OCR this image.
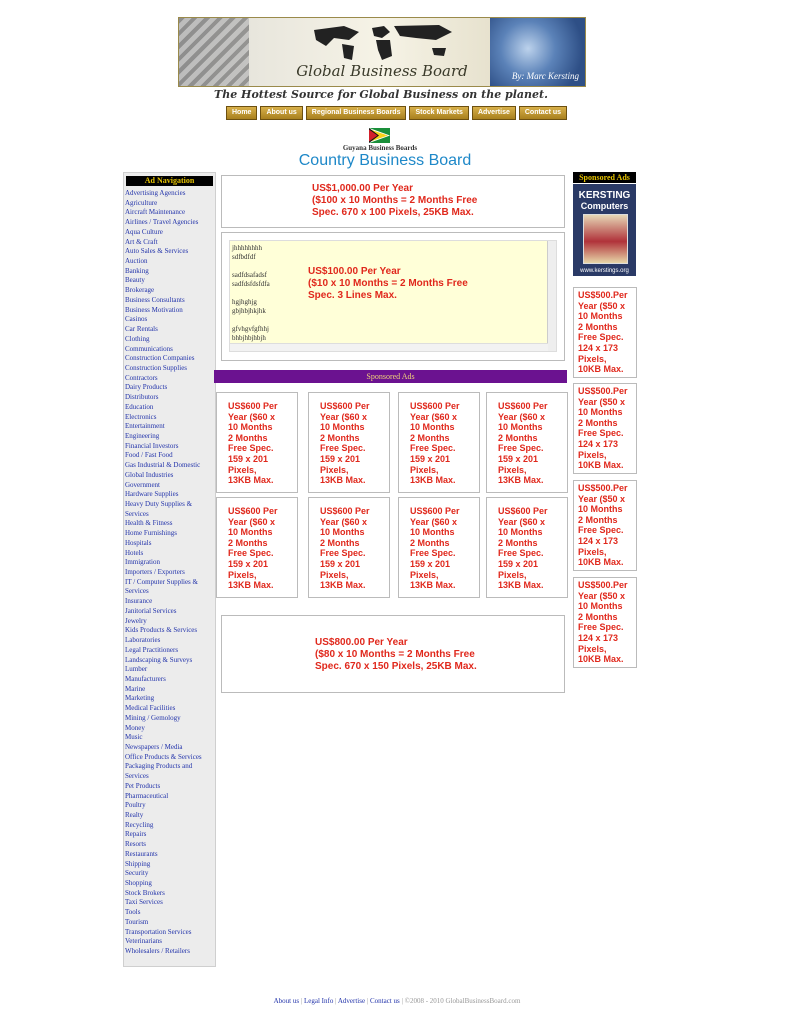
Global Business Board	By: Marc Kersting
The Hottest Source for Global Business on the planet.
Home	About us	Regional Business Boards	Stock Markets	Advertise	Contact us
Guyana Business Boards
Country Business Board
Ad Navigation
Advertising Agencies
Agriculture
Aircraft Maintenance
Airlines / Travel Agencies
Aqua Culture
Art & Craft
Auto Sales & Services
Auction
Banking
Beauty
Brokerage
Business Consultants
Business Motivation
Casinos
Car Rentals
Clothing
Communications
Construction Companies
Construction Supplies
Contractors
Dairy Products
Distributors
Education
Electronics
Entertainment
Engineering
Financial Investors
Food / Fast Food
Gas Industrial & Domestic
Global Industries
Government
Hardware Supplies
Heavy Duty Supplies & Services
Health & Fitness
Home Furnishings
Hospitals
Hotels
Immigration
Importers / Exporters
IT / Computer Supplies & Services
Insurance
Janitorial Services
Jewelry
Kids Products & Services
Laboratories
Legal Practitioners
Landscaping & Surveys
Lumber
Manufacturers
Marine
Marketing
Medical Facilities
Mining / Gemology
Money
Music
Newspapers / Media
Office Products & Services
Packaging Products and Services
Pet Products
Pharmaceutical
Poultry
Realty
Recycling
Repairs
Resorts
Restaurants
Shipping
Security
Shopping
Stock Brokers
Taxi Services
Tools
Tourism
Transportation Services
Veterinarians
Wholesalers / Retailers
US$1,000.00 Per Year
($100 x 10 Months = 2 Months Free
Spec. 670 x 100 Pixels, 25KB Max.
jhhhhhhhh
sdfbdfdf
sadfdsafadsf
sadfdsfdsfdfa
hgjhghjg
gbjhbjhkjhk
gfvhgvfgfhhj
bhbjhbjhbjh
US$100.00 Per Year
($10 x 10 Months = 2 Months Free
Spec. 3 Lines Max.
Sponsored Ads
US$600 Per
Year ($60 x
10 Months
2 Months
Free Spec.
159 x 201
Pixels,
13KB Max.
US$600 Per
Year ($60 x
10 Months
2 Months
Free Spec.
159 x 201
Pixels,
13KB Max.
US$600 Per
Year ($60 x
10 Months
2 Months
Free Spec.
159 x 201
Pixels,
13KB Max.
US$600 Per
Year ($60 x
10 Months
2 Months
Free Spec.
159 x 201
Pixels,
13KB Max.
US$600 Per
Year ($60 x
10 Months
2 Months
Free Spec.
159 x 201
Pixels,
13KB Max.
US$600 Per
Year ($60 x
10 Months
2 Months
Free Spec.
159 x 201
Pixels,
13KB Max.
US$600 Per
Year ($60 x
10 Months
2 Months
Free Spec.
159 x 201
Pixels,
13KB Max.
US$600 Per
Year ($60 x
10 Months
2 Months
Free Spec.
159 x 201
Pixels,
13KB Max.
US$800.00 Per Year
($80 x 10 Months = 2 Months Free
Spec. 670 x 150 Pixels, 25KB Max.
Sponsored Ads
KERSTING
Computers
www.kerstings.org
US$500.Per
Year ($50 x
10 Months
2 Months
Free Spec.
124 x 173
Pixels,
10KB Max.
US$500.Per
Year ($50 x
10 Months
2 Months
Free Spec.
124 x 173
Pixels,
10KB Max.
US$500.Per
Year ($50 x
10 Months
2 Months
Free Spec.
124 x 173
Pixels,
10KB Max.
US$500.Per
Year ($50 x
10 Months
2 Months
Free Spec.
124 x 173
Pixels,
10KB Max.
About us | Legal Info | Advertise | Contact us | ©2008 - 2010 GlobalBusinessBoard.com
